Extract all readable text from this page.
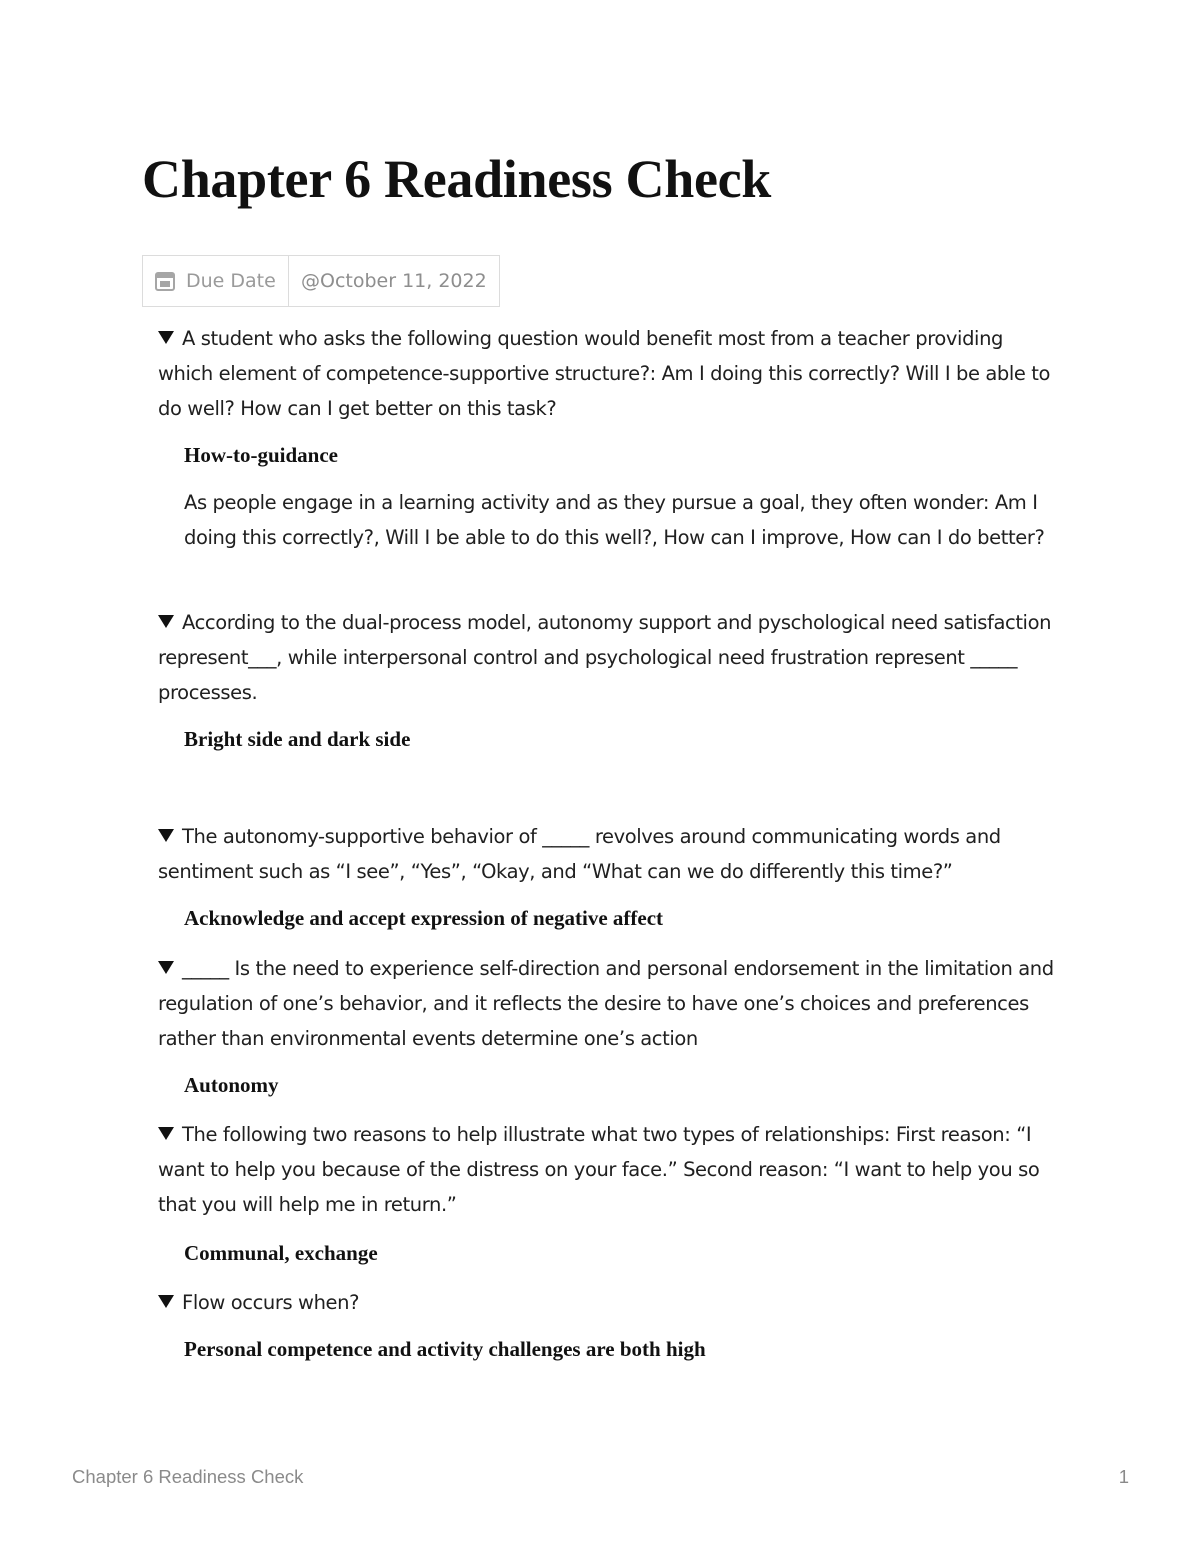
Chapter 6 Readiness Check
Due Date	@October 11, 2022
A student who asks the following question would benefit most from a teacher providing which element of competence-supportive structure?: Am I doing this correctly? Will I be able to do well? How can I get better on this task?
How-to-guidance
As people engage in a learning activity and as they pursue a goal, they often wonder: Am I doing this correctly?, Will I be able to do this well?, How can I improve, How can I do better?
According to the dual-process model, autonomy support and pyschological need satisfaction represent___, while interpersonal control and psychological need frustration represent _____ processes.
Bright side and dark side
The autonomy-supportive behavior of _____ revolves around communicating words and sentiment such as “I see”, “Yes”, “Okay, and “What can we do differently this time?”
Acknowledge and accept expression of negative affect
_____ Is the need to experience self-direction and personal endorsement in the limitation and regulation of one’s behavior, and it reflects the desire to have one’s choices and preferences rather than environmental events determine one’s action
Autonomy
The following two reasons to help illustrate what two types of relationships: First reason: “I want to help you because of the distress on your face.” Second reason: “I want to help you so that you will help me in return.”
Communal, exchange
Flow occurs when?
Personal competence and activity challenges are both high
Chapter 6 Readiness Check	1
